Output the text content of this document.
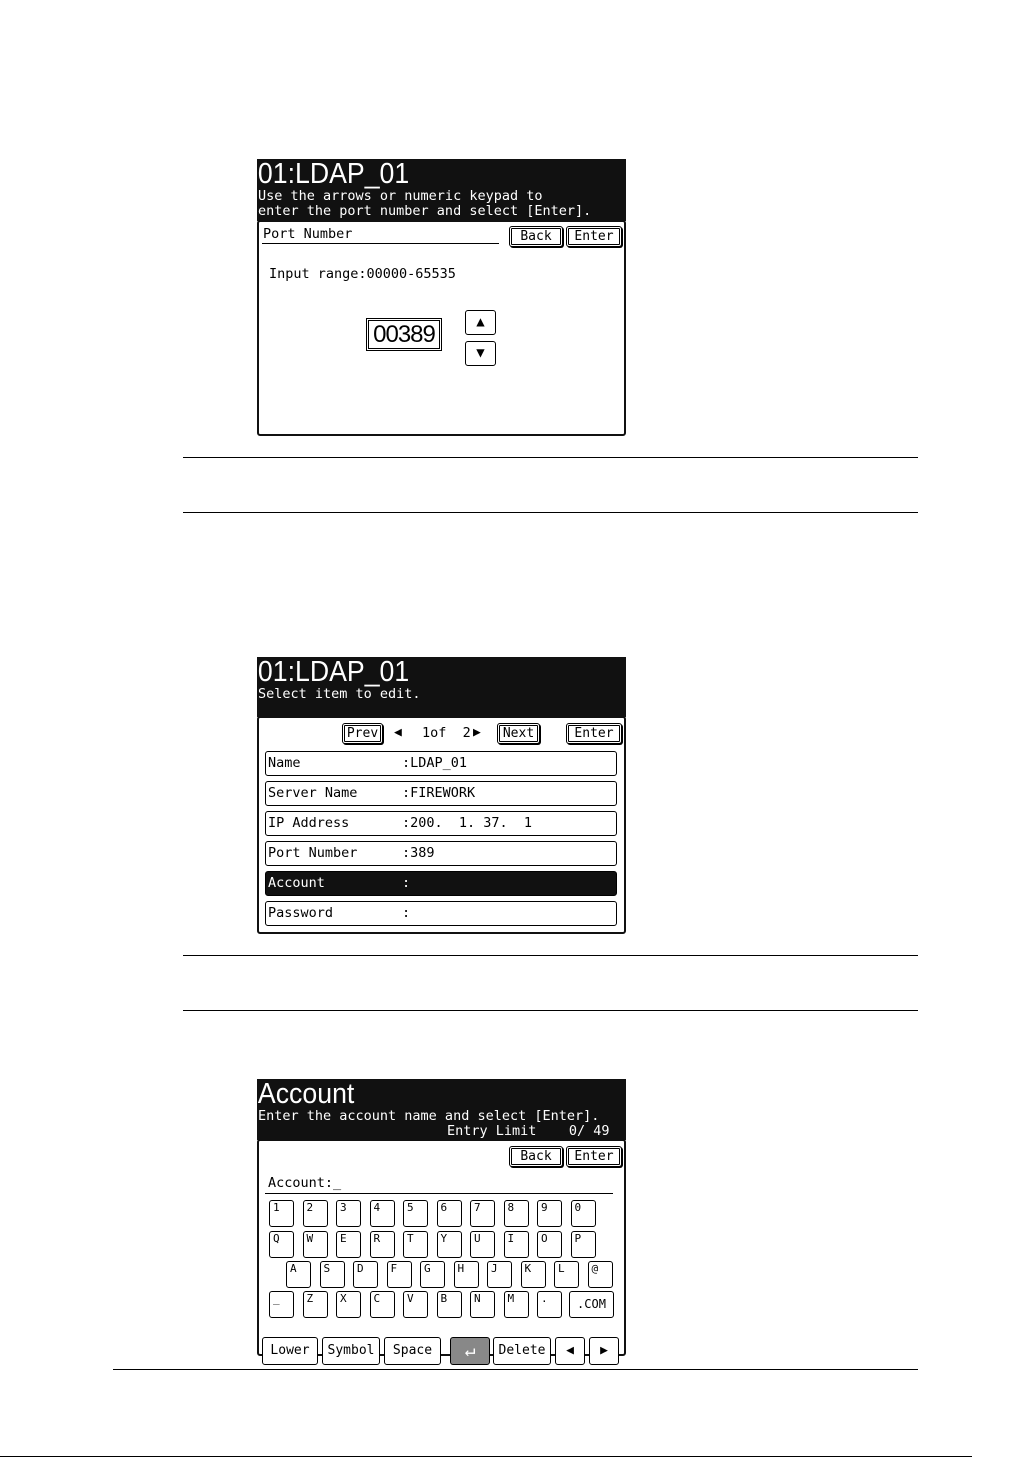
01:LDAP_01
Use the arrows or numeric keypad to
enter the port number and select [Enter].
Port Number	Back	Enter
Input range:00000-65535
00389	▲
▼
01:LDAP_01
Select item to edit.
Prev	◀ 1of  2 ▶	Next	Enter
Name	:LDAP_01
Server Name	:FIREWORK
IP Address	:200.  1. 37.  1
Port Number	:389
Account	:
Password	:
Account
Enter the account name and select [Enter].
Entry Limit    0/ 49
Back	Enter
Account:_
1	2	3	4	5	6	7	8	9	0
Q	W	E	R	T	Y	U	I	O	P
A	S	D	F	G	H	J	K	L	@
_	Z	X	C	V	B	N	M	.	.COM
Lower	Symbol	Space	↵	Delete	◀	▶
